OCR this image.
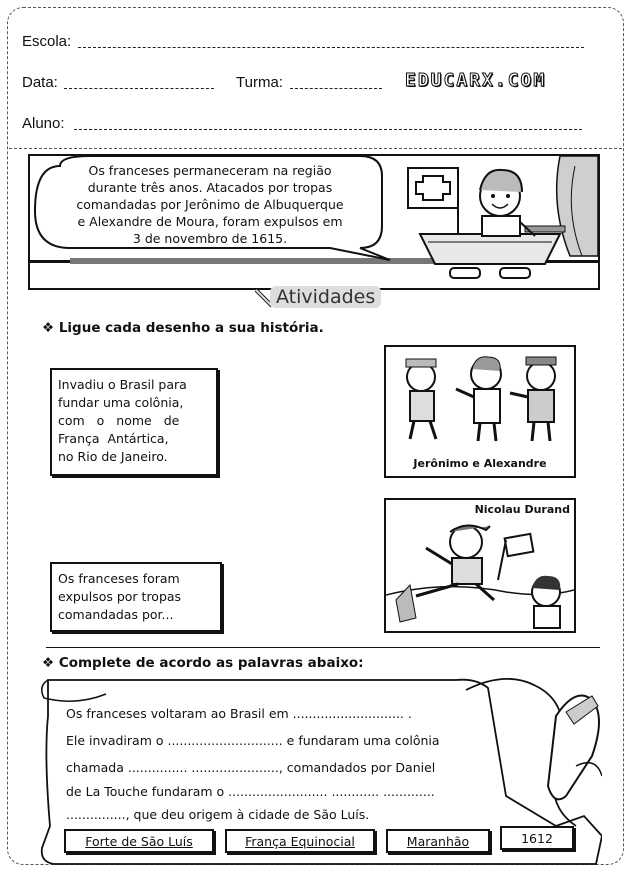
Escola:
Data:	Turma:	EDUCARX.COM
Aluno:
Os franceses permaneceram na região
durante três anos. Atacados por tropas
comandadas por Jerônimo de Albuquerque
e Alexandre de Moura, foram expulsos em
3 de novembro de 1615.
Atividades
❖ Ligue cada desenho a sua história.
Invadiu o Brasil para
fundar uma colônia,
com o nome de
França Antártica,
no Rio de Janeiro.	Jerônimo e Alexandre
Nicolau Durand
Os franceses foram
expulsos por tropas
comandadas por...
❖ Complete de acordo as palavras abaixo:
Os franceses voltaram ao Brasil em ............................ .
Ele invadiram o ............................. e fundaram uma colônia
chamada ............... ......................, comandados por Daniel
de La Touche fundaram o ......................... ............ .............
..............., que deu origem à cidade de São Luís.
Forte de São Luís	França Equinocial	Maranhão	1612
